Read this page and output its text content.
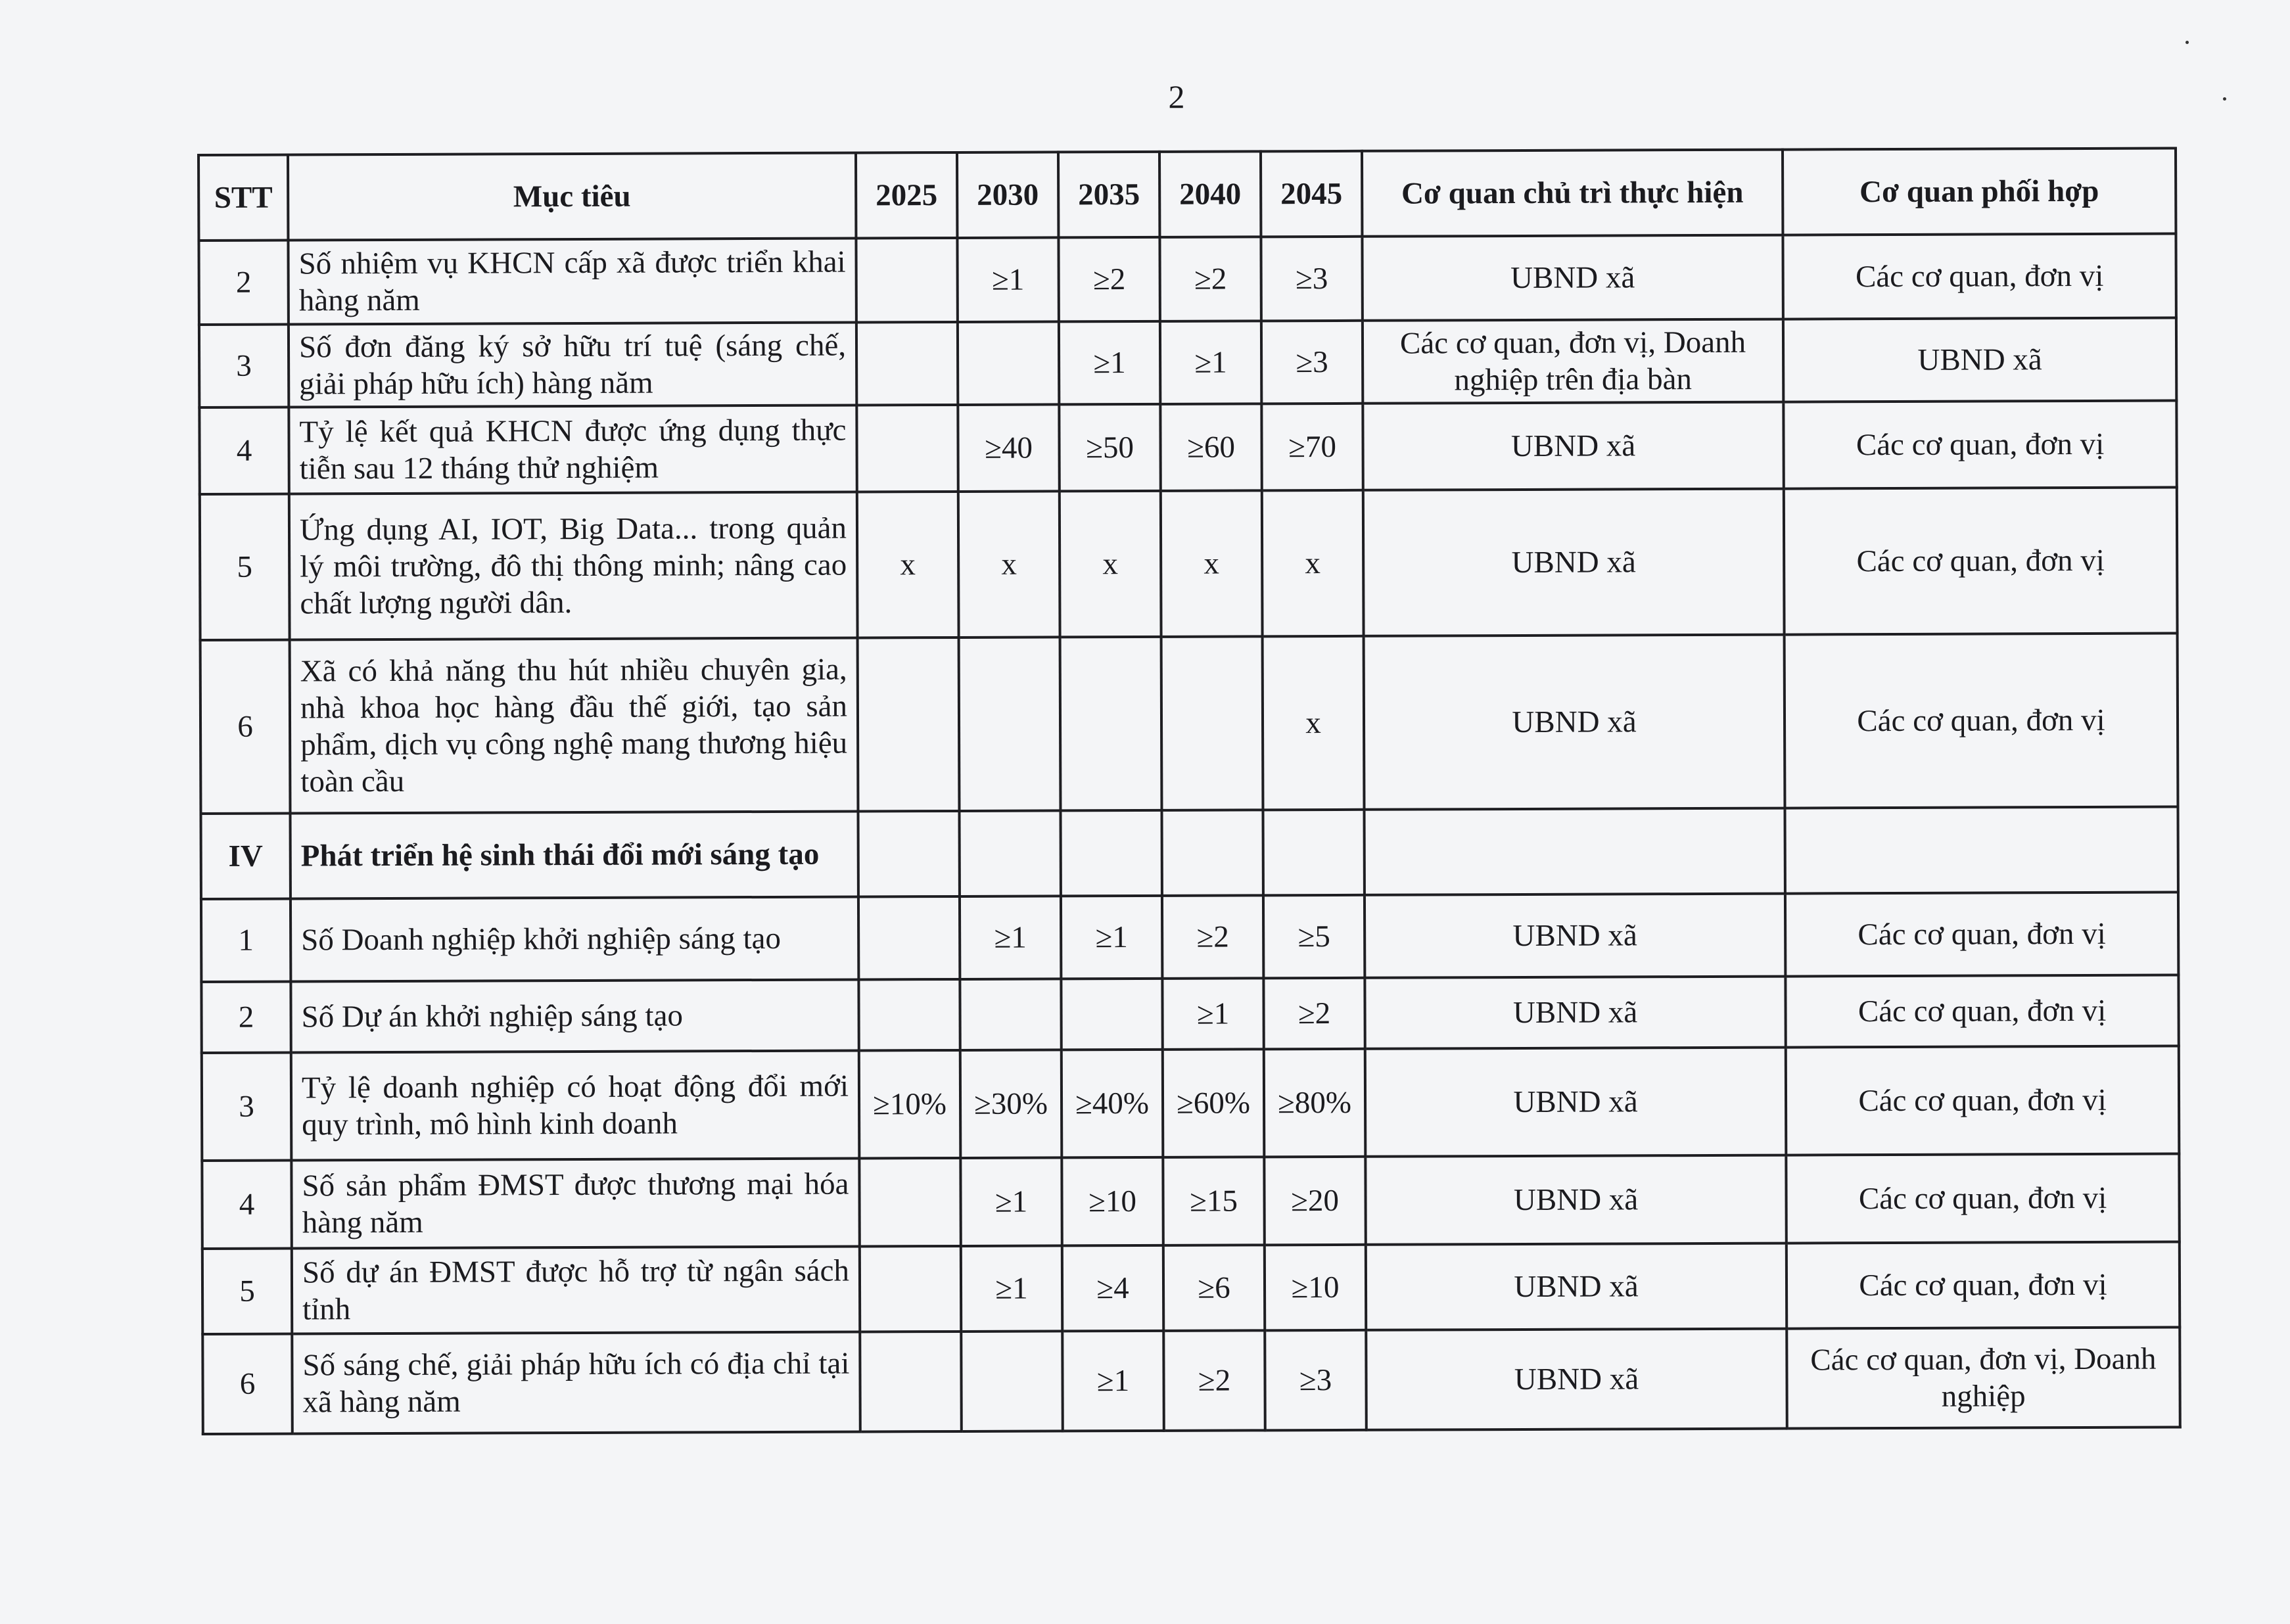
2
STT	Mục tiêu	2025	2030	2035	2040	2045	Cơ quan chủ trì thực hiện	Cơ quan phối hợp
2	Số nhiệm vụ KHCN cấp xã được triển khai hàng năm		≥1	≥2	≥2	≥3	UBND xã	Các cơ quan, đơn vị
3	Số đơn đăng ký sở hữu trí tuệ (sáng chế, giải pháp hữu ích) hàng năm			≥1	≥1	≥3	Các cơ quan, đơn vị, Doanh nghiệp trên địa bàn	UBND xã
4	Tỷ lệ kết quả KHCN được ứng dụng thực tiễn sau 12 tháng thử nghiệm		≥40	≥50	≥60	≥70	UBND xã	Các cơ quan, đơn vị
5	Ứng dụng AI, IOT, Big Data... trong quản lý môi trường, đô thị thông minh; nâng cao chất lượng người dân.	x	x	x	x	x	UBND xã	Các cơ quan, đơn vị
6	Xã có khả năng thu hút nhiều chuyên gia, nhà khoa học hàng đầu thế giới, tạo sản phẩm, dịch vụ công nghệ mang thương hiệu toàn cầu					x	UBND xã	Các cơ quan, đơn vị
IV	Phát triển hệ sinh thái đổi mới sáng tạo							
1	Số Doanh nghiệp khởi nghiệp sáng tạo		≥1	≥1	≥2	≥5	UBND xã	Các cơ quan, đơn vị
2	Số Dự án khởi nghiệp sáng tạo				≥1	≥2	UBND xã	Các cơ quan, đơn vị
3	Tỷ lệ doanh nghiệp có hoạt động đổi mới quy trình, mô hình kinh doanh	≥10%	≥30%	≥40%	≥60%	≥80%	UBND xã	Các cơ quan, đơn vị
4	Số sản phẩm ĐMST được thương mại hóa hàng năm		≥1	≥10	≥15	≥20	UBND xã	Các cơ quan, đơn vị
5	Số dự án ĐMST được hỗ trợ từ ngân sách tỉnh		≥1	≥4	≥6	≥10	UBND xã	Các cơ quan, đơn vị
6	Số sáng chế, giải pháp hữu ích có địa chỉ tại xã hàng năm			≥1	≥2	≥3	UBND xã	Các cơ quan, đơn vị, Doanh nghiệp
